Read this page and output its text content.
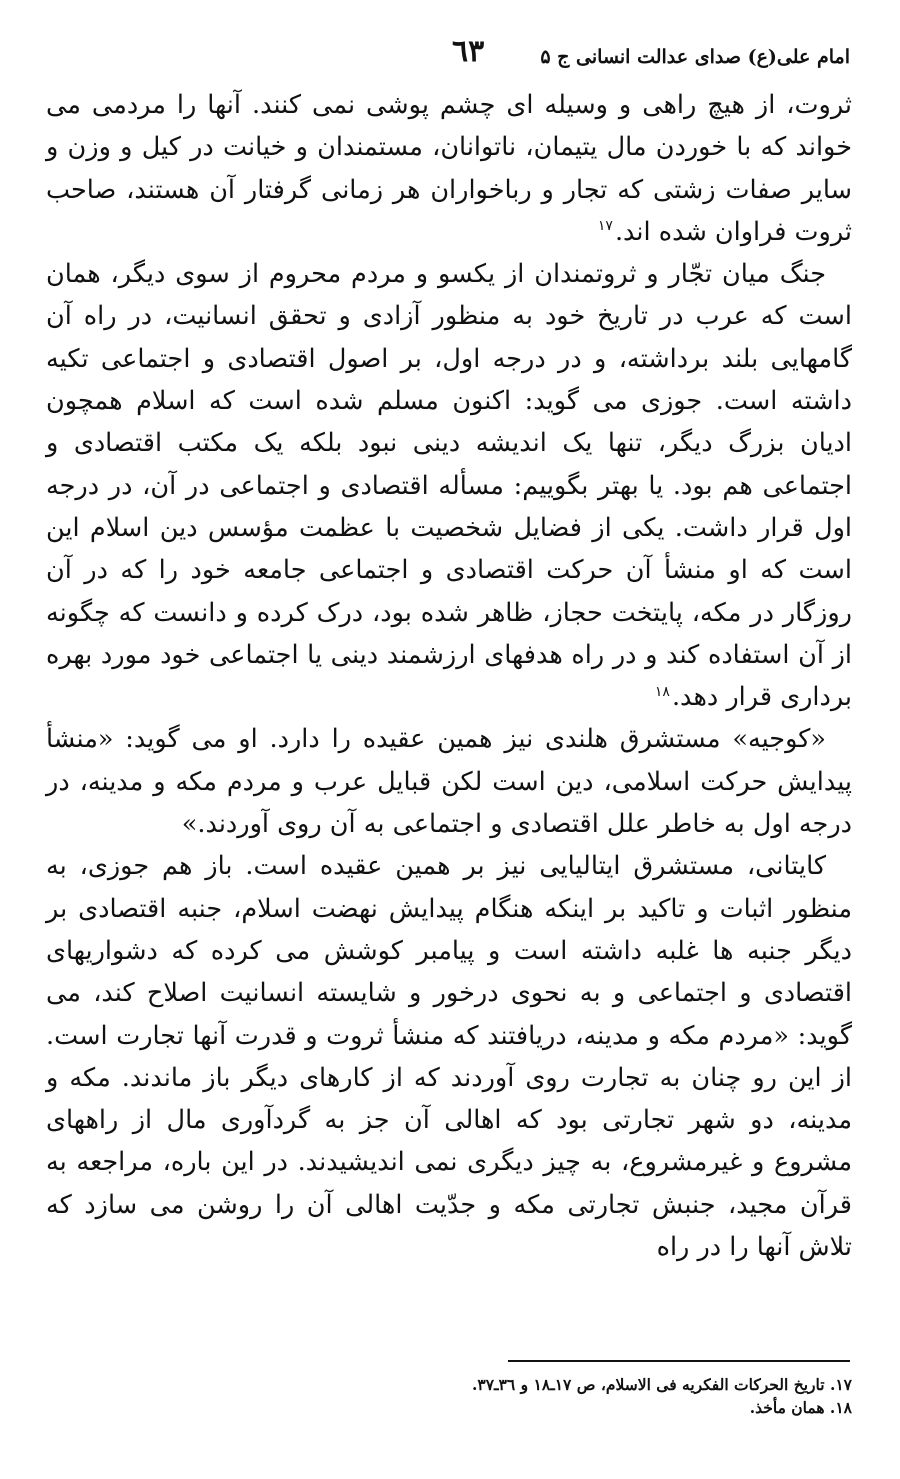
امام علی(ع) صدای عدالت انسانی ج ۵
٦٣

ثروت، از هیچ راهی و وسیله ای چشم پوشی نمی کنند. آنها را مردمی می خواند که با خوردن مال یتیمان، ناتوانان، مستمندان و خیانت در کیل و وزن و سایر صفات زشتی که تجار و رباخواران هر زمانی گرفتار آن هستند، صاحب ثروت فراوان شده اند.$^{١٧}$

جنگ میان تجّار و ثروتمندان از یکسو و مردم محروم از سوی دیگر، همان است که عرب در تاریخ خود به منظور آزادی و تحقق انسانیت، در راه آن گامهایی بلند برداشته، و در درجه اول، بر اصول اقتصادی و اجتماعی تکیه داشته است. جوزی می گوید: اکنون مسلم شده است که اسلام همچون ادیان بزرگ دیگر، تنها یک اندیشه دینی نبود بلکه یک مکتب اقتصادی و اجتماعی هم بود. یا بهتر بگوییم: مسأله اقتصادی و اجتماعی در آن، در درجه اول قرار داشت. یکی از فضایل شخصیت با عظمت مؤسس دین اسلام این است که او منشأ آن حرکت اقتصادی و اجتماعی جامعه خود را که در آن روزگار در مکه، پایتخت حجاز، ظاهر شده بود، درک کرده و دانست که چگونه از آن استفاده کند و در راه هدفهای ارزشمند دینی یا اجتماعی خود مورد بهره برداری قرار دهد.$^{١٨}$

«کوجیه» مستشرق هلندی نیز همین عقیده را دارد. او می گوید: «منشأ پیدایش حرکت اسلامی، دین است لکن قبایل عرب و مردم مکه و مدینه، در درجه اول به خاطر علل اقتصادی و اجتماعی به آن روی آوردند.»

کایتانی، مستشرق ایتالیایی نیز بر همین عقیده است. باز هم جوزی، به منظور اثبات و تاکید بر اینکه هنگام پیدایش نهضت اسلام، جنبه اقتصادی بر دیگر جنبه ها غلبه داشته است و پیامبر کوشش می کرده که دشواریهای اقتصادی و اجتماعی و به نحوی درخور و شایسته انسانیت اصلاح کند، می گوید: «مردم مکه و مدینه، دریافتند که منشأ ثروت و قدرت آنها تجارت است. از این رو چنان به تجارت روی آوردند که از کارهای دیگر باز ماندند. مکه و مدینه، دو شهر تجارتی بود که اهالی آن جز به گردآوری مال از راههای مشروع و غیرمشروع، به چیز دیگری نمی اندیشیدند. در این باره، مراجعه به قرآن مجید، جنبش تجارتی مکه و جدّیت اهالی آن را روشن می سازد که تلاش آنها را در راه

١٧. تاریخ الحرکات الفکریه فی الاسلام، ص ١٧ـ١٨ و ٣٦ـ٣٧.

١٨. همان مأخذ.
